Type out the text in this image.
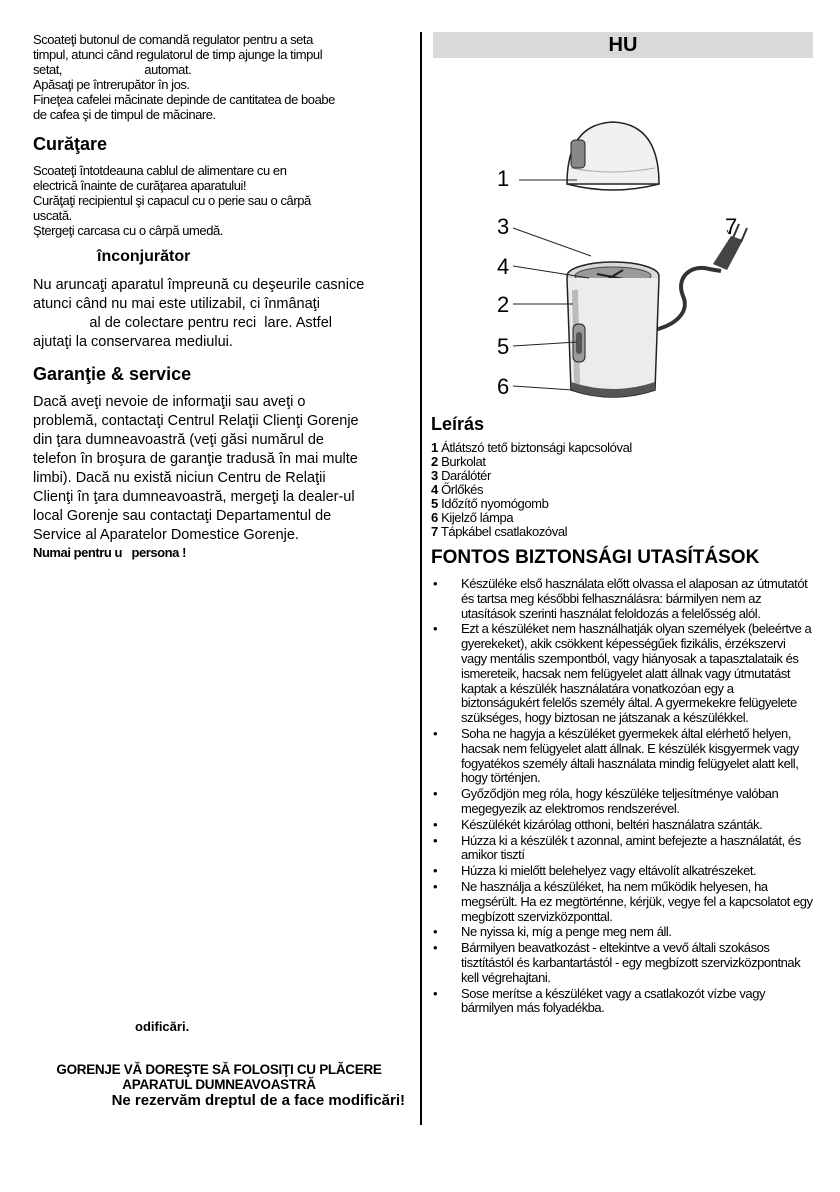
Scoateţi butonul de comandă regulator pentru a seta
timpul, atunci când regulatorul de timp ajunge la timpul
setat,                          automat.
Apăsaţi pe întrerupător în jos.
Fineţea cafelei măcinate depinde de cantitatea de boabe
de cafea şi de timpul de măcinare.
Curăţare
Scoateţi întotdeauna cablul de alimentare cu en
electrică înainte de curăţarea aparatului!
Curăţaţi recipientul şi capacul cu o perie sau o cârpă
uscată.
Ştergeţi carcasa cu o cârpă umedă.
înconjurător
Nu aruncaţi aparatul împreună cu deşeurile casnice
atunci când nu mai este utilizabil, ci înmânaţi
al de colectare pentru reci  lare. Astfel
ajutaţi la conservarea mediului.
Garanţie & service
Dacă aveţi nevoie de informaţii sau aveţi o
problemă, contactaţi Centrul Relaţii Clienţi Gorenje
din ţara dumneavoastră (veţi găsi numărul de
telefon în broşura de garanţie tradusă în mai multe
limbi). Dacă nu există niciun Centru de Relaţii
Clienţi în ţara dumneavoastră, mergeţi la dealer-ul
local Gorenje sau contactaţi Departamentul de
Service al Aparatelor Domestice Gorenje.
Numai pentru u   persona !
odificări.
GORENJE VĂ DOREŞTE SĂ FOLOSIŢI CU PLĂCERE
APARATUL DUMNEAVOASTRĂ
Ne rezervăm dreptul de a face modificări!
HU
1
3
4
2
5
6
7
Leírás
1 Átlátszó tető biztonsági kapcsolóval
2 Burkolat
3 Darálótér
4 Őrlőkés
5 Időzítő nyomógomb
6 Kijelző lámpa
7 Tápkábel csatlakozóval
FONTOS BIZTONSÁGI UTASÍTÁSOK
• Készüléke első használata előtt olvassa el alaposan az útmutatót és tartsa meg későbbi felhasználásra: bármilyen nem az utasítások szerinti használat feloldozás a felelősség alól.
• Ezt a készüléket nem használhatják olyan személyek (beleértve a gyerekeket), akik csökkent képességűek fizikális, érzékszervi vagy mentális szempontból, vagy hiányosak a tapasztalataik és ismereteik, hacsak nem felügyelet alatt állnak vagy útmutatást kaptak a készülék használatára vonatkozóan egy a biztonságukért felelős személy által. A gyermekekre felügyelete szükséges, hogy biztosan ne játszanak a készülékkel.
• Soha ne hagyja a készüléket gyermekek által elérhető helyen, hacsak nem felügyelet alatt állnak. E készülék kisgyermek vagy fogyatékos személy általi használata mindig felügyelet alatt kell, hogy történjen.
• Győződjön meg róla, hogy készüléke teljesítménye valóban megegyezik az elektromos rendszerével.
• Készülékét kizárólag otthoni, beltéri használatra szánták.
• Húzza ki a készülék t azonnal, amint befejezte a használatát, és amikor tisztí
• Húzza ki mielőtt belehelyez vagy eltávolít alkatrészeket.
• Ne használja a készüléket, ha nem működik helyesen, ha megsérült. Ha ez megtörténne, kérjük, vegye fel a kapcsolatot egy megbízott szervizközponttal.
• Ne nyissa ki, míg a penge meg nem áll.
• Bármilyen beavatkozást - eltekintve a vevő általi szokásos tisztítástól és karbantartástól - egy megbízott szervizközpontnak kell végrehajtani.
• Sose merítse a készüléket vagy a csatlakozót vízbe vagy bármilyen más folyadékba.
